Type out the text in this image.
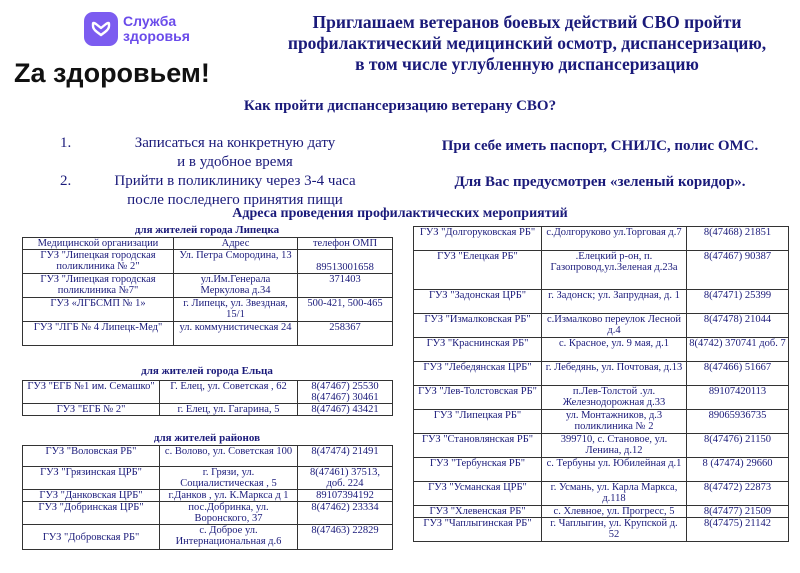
Служба
здоровья
Zа здоровьем!
Приглашаем ветеранов боевых действий СВО пройти
профилактический медицинский осмотр, диспансеризацию,
в том числе углубленную диспансеризацию
Как пройти диспансеризацию ветерану СВО?
1.	Записаться на конкретную дату
и в удобное время
2.	Прийти в поликлинику через 3-4 часа
после последнего принятия пищи
При себе иметь паспорт, СНИЛС, полис ОМС.
Для Вас предусмотрен «зеленый коридор».
Адреса проведения профилактических мероприятий
для жителей города Липецка
Медицинской организации	Адрес	телефон ОМП
ГУЗ "Липецкая городская поликлиника № 2"	Ул. Петра Смородина, 13	89513001658
ГУЗ "Липецкая городская поликлиника №7"	ул.Им.Генерала Меркулова д.34	371403
ГУЗ «ЛГБСМП № 1»	г. Липецк, ул. Звездная, 15/1	500-421, 500-465
ГУЗ "ЛГБ № 4 Липецк-Мед"	ул. коммунистическая 24	258367
для жителей города Ельца
ГУЗ "ЕГБ №1 им. Семашко"	Г. Елец, ул. Советская , 62	8(47467) 25530 8(47467) 30461
ГУЗ "ЕГБ № 2"	г. Елец, ул. Гагарина, 5	8(47467) 43421
для жителей районов
ГУЗ "Воловская РБ"	с. Волово, ул. Советская 100	8(47474) 21491
ГУЗ "Грязинская ЦРБ"	г. Грязи, ул. Социалистическая , 5	8(47461) 37513, доб. 224
ГУЗ "Данковская ЦРБ"	г.Данков , ул. К.Маркса д 1	89107394192
ГУЗ "Добринская ЦРБ"	пос.Добринка, ул. Воронского, 37	8(47462) 23334
ГУЗ "Добровская РБ"	с. Доброе ул. Интернациональная д.6	8(47463) 22829
ГУЗ "Долгоруковская РБ"	с.Долгоруково ул.Торговая д.7	8(47468) 21851
ГУЗ "Елецкая РБ"	.Елецкий р-он, п. Газопровод,ул.Зеленая д.23а	8(47467) 90387
ГУЗ "Задонская ЦРБ"	г. Задонск; ул. Запрудная, д. 1	8(47471) 25399
ГУЗ "Измалковская РБ"	с.Измалково переулок Лесной д.4	8(47478) 21044
ГУЗ "Краснинская РБ"	с. Красное, ул. 9 мая, д.1	8(4742) 370741 доб. 7
ГУЗ "Лебедянская ЦРБ"	г. Лебедянь, ул. Почтовая, д.13	8(47466) 51667
ГУЗ "Лев-Толстовская РБ"	п.Лев-Толстой .ул. Железнодорожная д.33	89107420113
ГУЗ "Липецкая РБ"	ул. Монтажников, д.3 поликлиника № 2	89065936735
ГУЗ "Становлянская РБ"	399710, с. Становое, ул. Ленина, д.12	8(47476) 21150
ГУЗ "Тербунская РБ"	с. Тербуны ул. Юбилейная д.1	8 (47474) 29660
ГУЗ "Усманская ЦРБ"	г. Усмань, ул. Карла Маркса, д.118	8(47472) 22873
ГУЗ "Хлевенская РБ"	с. Хлевное, ул. Прогресс, 5	8(47477) 21509
ГУЗ "Чаплыгинская РБ"	г. Чаплыгин, ул. Крупской д. 52	8(47475) 21142
